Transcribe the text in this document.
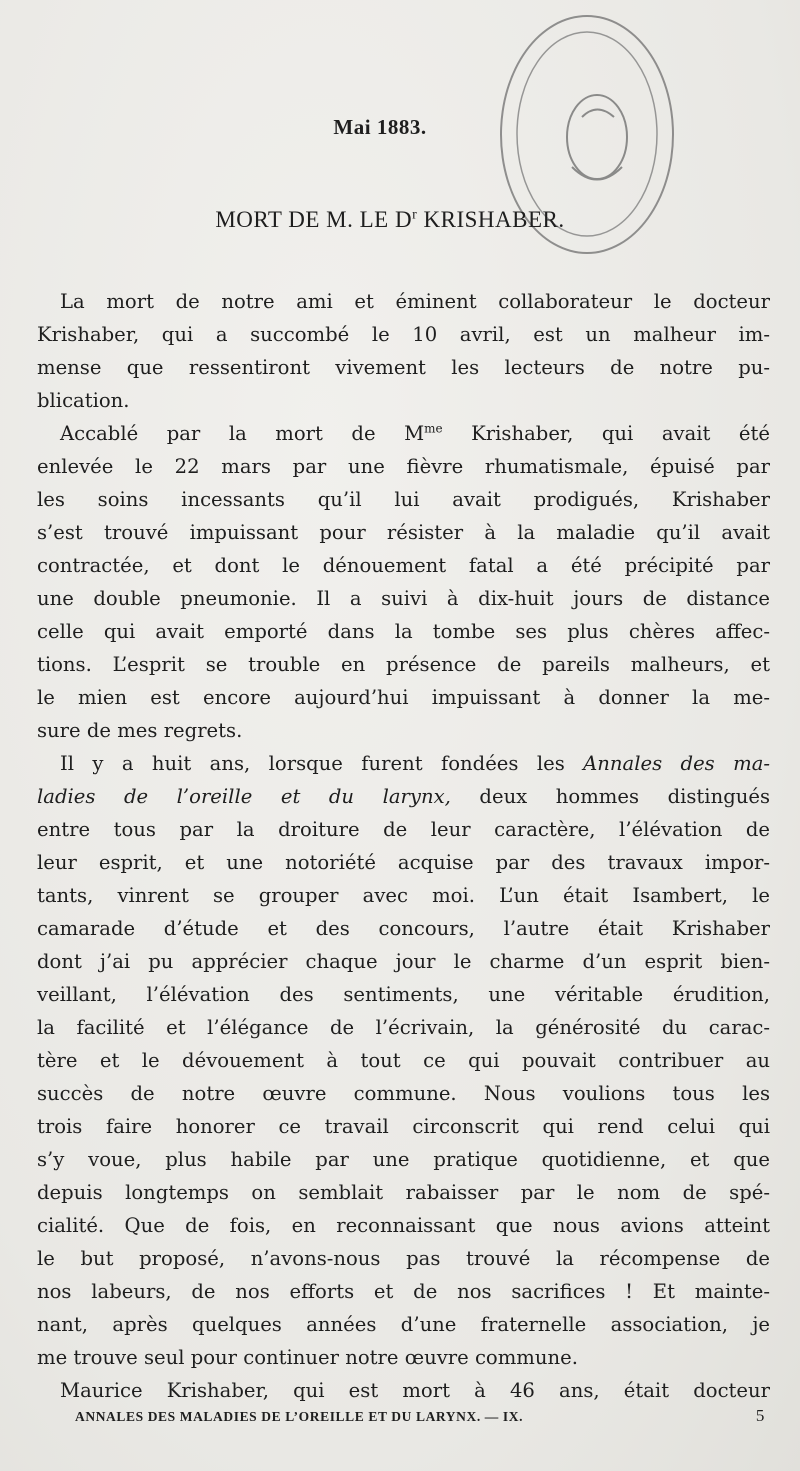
Mai 1883.
MORT DE M. LE $D^r$ KRISHABER.

La mort de notre ami et éminent collaborateur le docteur
Krishaber, qui a succombé le 10 avril, est un malheur im-
mense que ressentiront vivement les lecteurs de notre pu-
blication.

Accablé par la mort de $M^{me}$ Krishaber, qui avait été
enlevée le 22 mars par une fièvre rhumatismale, épuisé par
les soins incessants qu’il lui avait prodigués, Krishaber
s’est trouvé impuissant pour résister à la maladie qu’il avait
contractée, et dont le dénouement fatal a été précipité par
une double pneumonie. Il a suivi à dix-huit jours de distance
celle qui avait emporté dans la tombe ses plus chères affec-
tions. L’esprit se trouble en présence de pareils malheurs, et
le mien est encore aujourd’hui impuissant à donner la me-
sure de mes regrets.

Il y a huit ans, lorsque furent fondées les Annales des ma-
ladies de l’oreille et du larynx, deux hommes distingués
entre tous par la droiture de leur caractère, l’élévation de
leur esprit, et une notoriété acquise par des travaux impor-
tants, vinrent se grouper avec moi. L’un était Isambert, le
camarade d’étude et des concours, l’autre était Krishaber
dont j’ai pu apprécier chaque jour le charme d’un esprit bien-
veillant, l’élévation des sentiments, une véritable érudition,
la facilité et l’élégance de l’écrivain, la générosité du carac-
tère et le dévouement à tout ce qui pouvait contribuer au
succès de notre œuvre commune. Nous voulions tous les
trois faire honorer ce travail circonscrit qui rend celui qui
s’y voue, plus habile par une pratique quotidienne, et que
depuis longtemps on semblait rabaisser par le nom de spé-
cialité. Que de fois, en reconnaissant que nous avions atteint
le but proposé, n’avons-nous pas trouvé la récompense de
nos labeurs, de nos efforts et de nos sacrifices ! Et mainte-
nant, après quelques années d’une fraternelle association, je
me trouve seul pour continuer notre œuvre commune.

Maurice Krishaber, qui est mort à 46 ans, était docteur

ANNALES DES MALADIES DE L’OREILLE ET DU LARYNX. — IX.	5
